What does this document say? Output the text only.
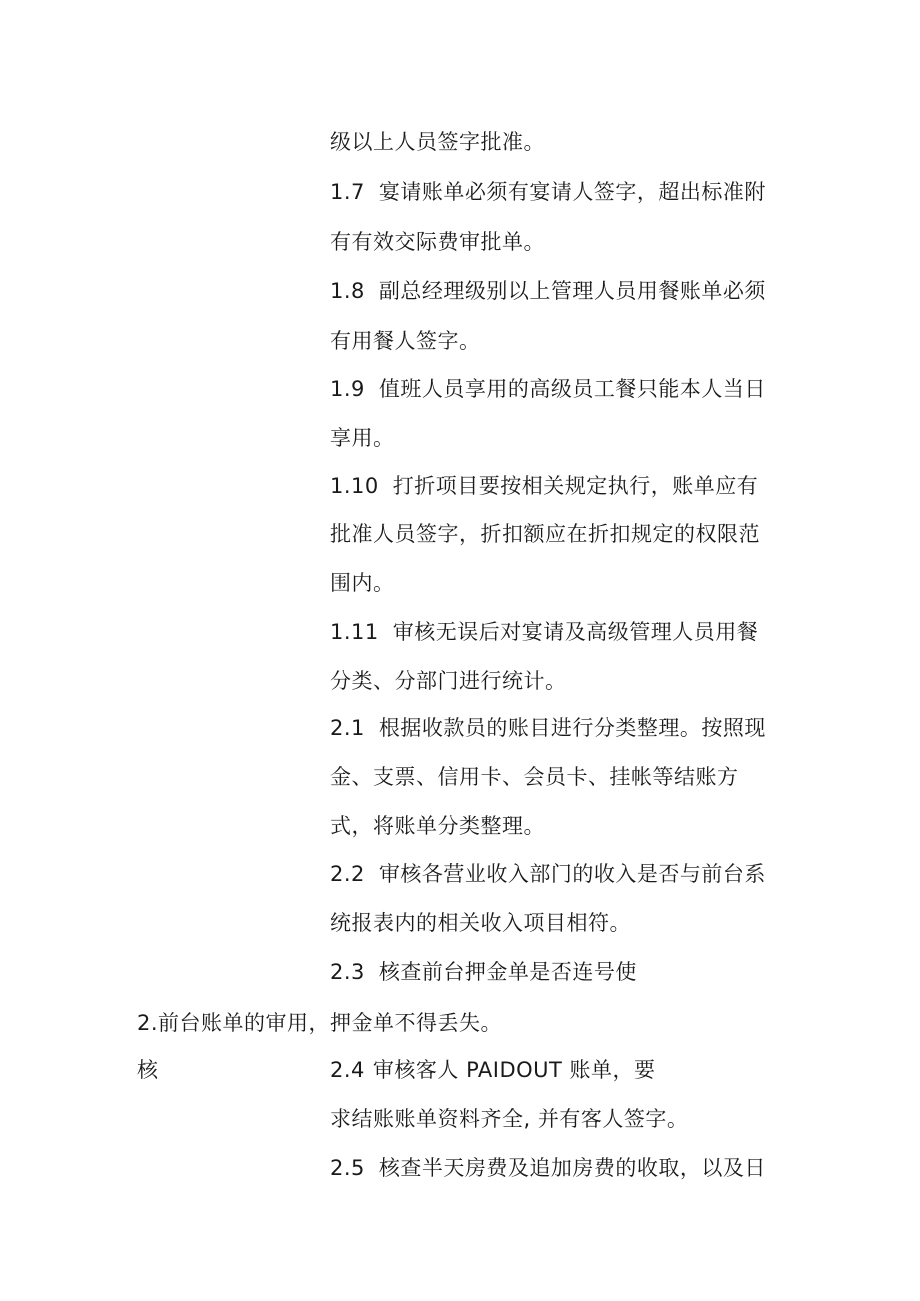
级以上人员签字批准。
1.7 宴请账单必须有宴请人签字，超出标准附
有有效交际费审批单。
1.8 副总经理级别以上管理人员用餐账单必须
有用餐人签字。
1.9 值班人员享用的高级员工餐只能本人当日
享用。
1.10 打折项目要按相关规定执行，账单应有
批准人员签字，折扣额应在折扣规定的权限范
围内。
1.11 审核无误后对宴请及高级管理人员用餐
分类、分部门进行统计。
2.1 根据收款员的账目进行分类整理。按照现
金、支票、信用卡、会员卡、挂帐等结账方
式，将账单分类整理。
2.2 审核各营业收入部门的收入是否与前台系
统报表内的相关收入项目相符。
2.3 核查前台押金单是否连号使
2.前台账单的审用，押金单不得丢失。
核	2.4 审核客人 PAIDOUT 账单，要
求结账账单资料齐全, 并有客人签字。
2.5 核查半天房费及追加房费的收取，以及日
